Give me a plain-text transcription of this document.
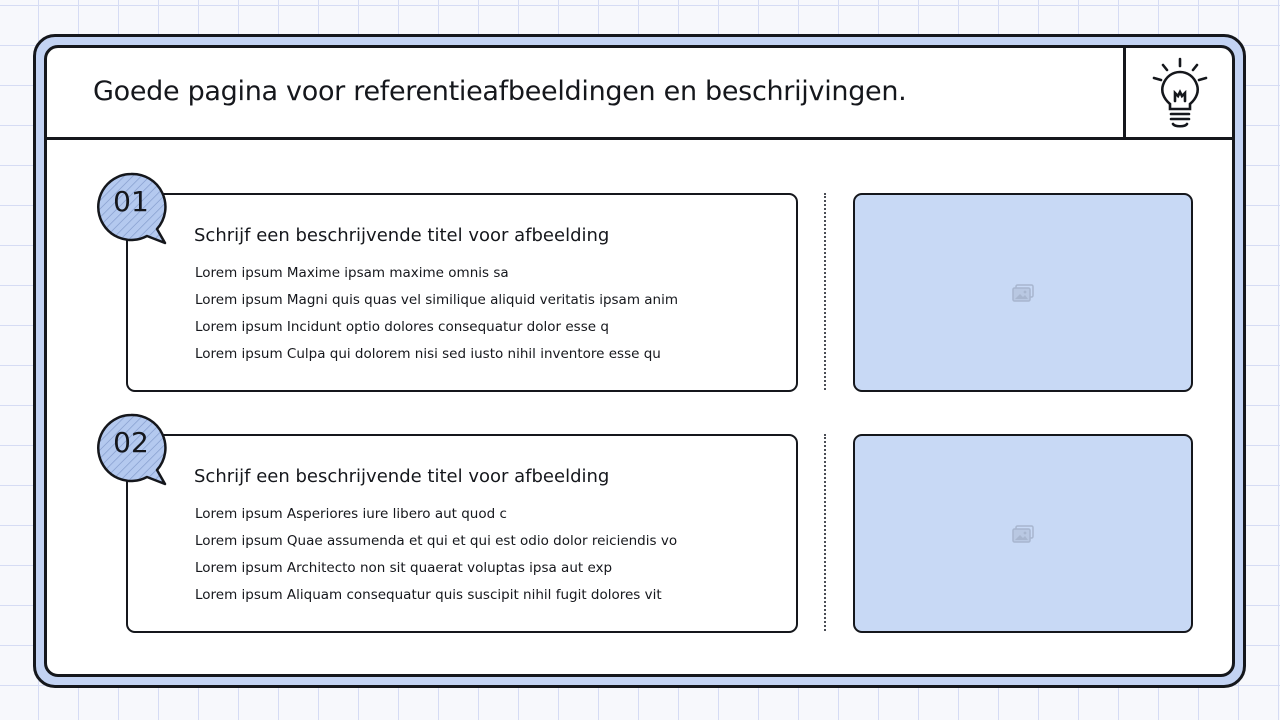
Goede pagina voor referentieafbeeldingen en beschrijvingen.
Schrijf een beschrijvende titel voor afbeelding
Lorem ipsum Maxime ipsam maxime omnis sa
Lorem ipsum Magni quis quas vel similique aliquid veritatis ipsam anim
Lorem ipsum Incidunt optio dolores consequatur dolor esse q
Lorem ipsum Culpa qui dolorem nisi sed iusto nihil inventore esse qu
01
Schrijf een beschrijvende titel voor afbeelding
Lorem ipsum Asperiores iure libero aut quod c
Lorem ipsum Quae assumenda et qui et qui est odio dolor reiciendis vo
Lorem ipsum Architecto non sit quaerat voluptas ipsa aut exp
Lorem ipsum Aliquam consequatur quis suscipit nihil fugit dolores vit
02
